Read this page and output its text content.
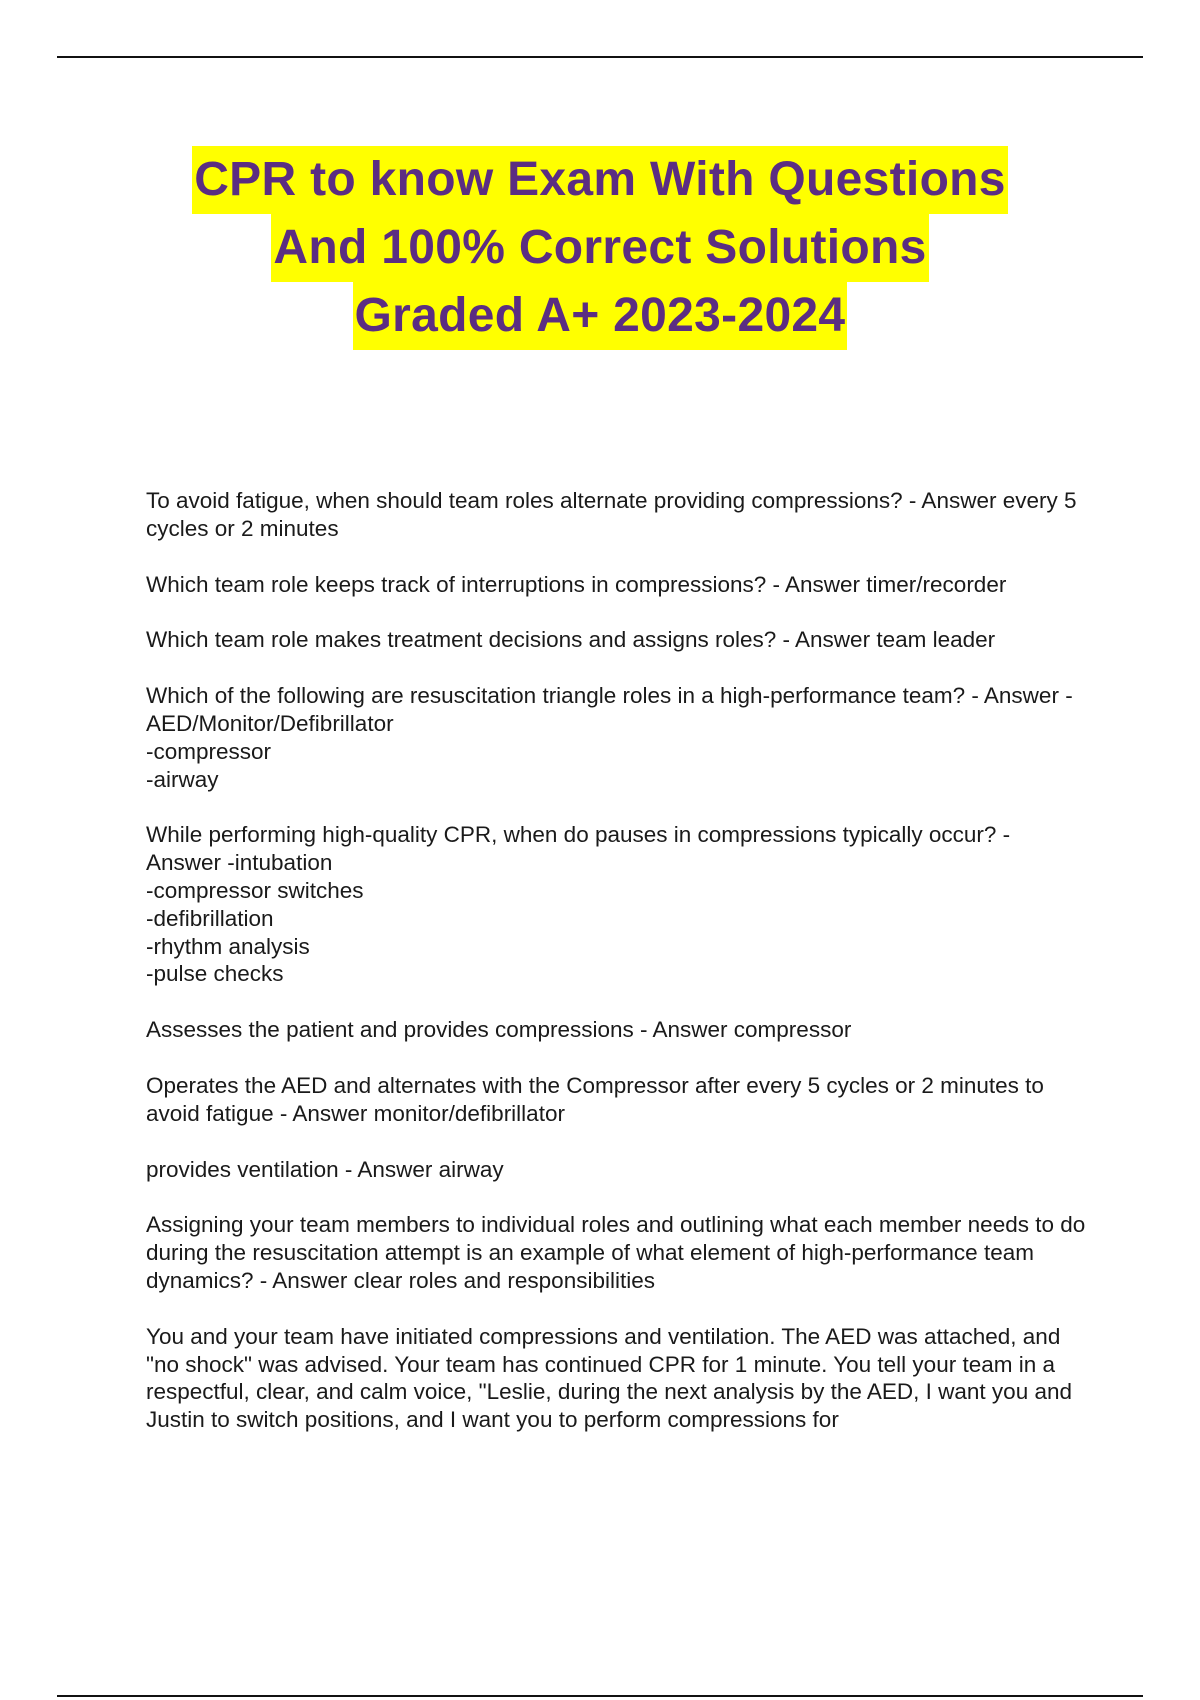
CPR to know Exam With Questions
And 100% Correct Solutions
Graded A+ 2023-2024
To avoid fatigue, when should team roles alternate providing compressions? - Answer every 5 cycles or 2 minutes
Which team role keeps track of interruptions in compressions? - Answer timer/recorder
Which team role makes treatment decisions and assigns roles? - Answer team leader
Which of the following are resuscitation triangle roles in a high-performance team? - Answer -AED/Monitor/Defibrillator
-compressor
-airway
While performing high-quality CPR, when do pauses in compressions typically occur? - Answer -intubation
-compressor switches
-defibrillation
-rhythm analysis
-pulse checks
Assesses the patient and provides compressions - Answer compressor
Operates the AED and alternates with the Compressor after every 5 cycles or 2 minutes to avoid fatigue - Answer monitor/defibrillator
provides ventilation - Answer airway
Assigning your team members to individual roles and outlining what each member needs to do during the resuscitation attempt is an example of what element of high-performance team dynamics? - Answer clear roles and responsibilities
You and your team have initiated compressions and ventilation. The AED was attached, and "no shock" was advised. Your team has continued CPR for 1 minute. You tell your team in a respectful, clear, and calm voice, "Leslie, during the next analysis by the AED, I want you and Justin to switch positions, and I want you to perform compressions for
